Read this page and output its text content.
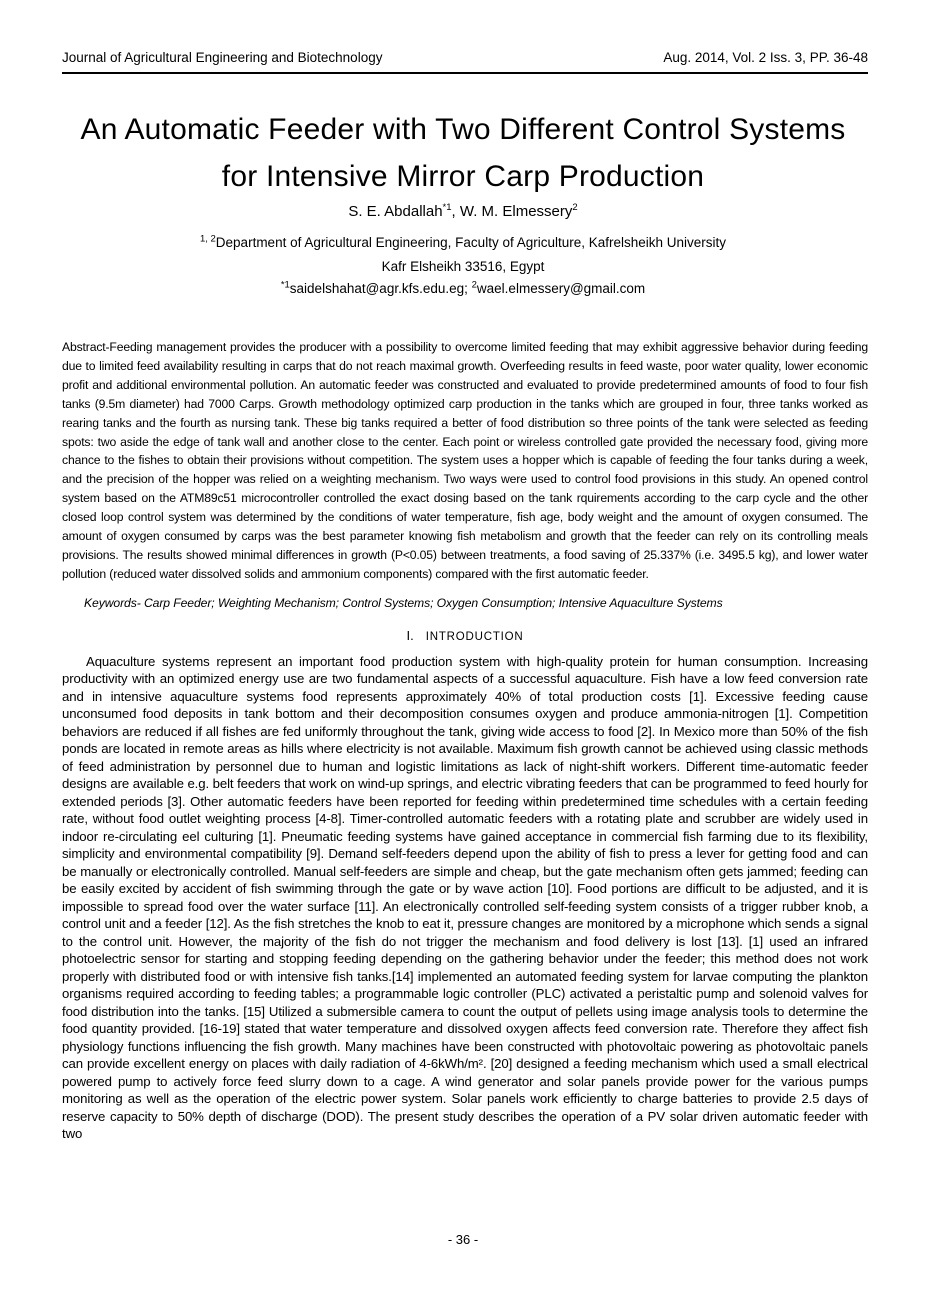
Journal of Agricultural Engineering and Biotechnology	Aug. 2014, Vol. 2 Iss. 3, PP. 36-48
An Automatic Feeder with Two Different Control Systems for Intensive Mirror Carp Production
S. E. Abdallah$^{*1}$, W. M. Elmessery$^2$
$^{1, 2}$Department of Agricultural Engineering, Faculty of Agriculture, Kafrelsheikh University
Kafr Elsheikh 33516, Egypt
$^{*1}$saidelshahat@agr.kfs.edu.eg; $^2$wael.elmessery@gmail.com

Abstract-Feeding management provides the producer with a possibility to overcome limited feeding that may exhibit aggressive behavior during feeding due to limited feed availability resulting in carps that do not reach maximal growth. Overfeeding results in feed waste, poor water quality, lower economic profit and additional environmental pollution. An automatic feeder was constructed and evaluated to provide predetermined amounts of food to four fish tanks (9.5m diameter) had 7000 Carps. Growth methodology optimized carp production in the tanks which are grouped in four, three tanks worked as rearing tanks and the fourth as nursing tank. These big tanks required a better of food distribution so three points of the tank were selected as feeding spots: two aside the edge of tank wall and another close to the center. Each point or wireless controlled gate provided the necessary food, giving more chance to the fishes to obtain their provisions without competition. The system uses a hopper which is capable of feeding the four tanks during a week, and the precision of the hopper was relied on a weighting mechanism. Two ways were used to control food provisions in this study. An opened control system based on the ATM89c51 microcontroller controlled the exact dosing based on the tank rquirements according to the carp cycle and the other closed loop control system was determined by the conditions of water temperature, fish age, body weight and the amount of oxygen consumed. The amount of oxygen consumed by carps was the best parameter knowing fish metabolism and growth that the feeder can rely on its controlling meals provisions. The results showed minimal differences in growth (P<0.05) between treatments, a food saving of 25.337% (i.e. 3495.5 kg), and lower water pollution (reduced water dissolved solids and ammonium components) compared with the first automatic feeder.

Keywords- Carp Feeder; Weighting Mechanism; Control Systems; Oxygen Consumption; Intensive Aquaculture Systems

I. INTRODUCTION

Aquaculture systems represent an important food production system with high-quality protein for human consumption. Increasing productivity with an optimized energy use are two fundamental aspects of a successful aquaculture. Fish have a low feed conversion rate and in intensive aquaculture systems food represents approximately 40% of total production costs [1]. Excessive feeding cause unconsumed food deposits in tank bottom and their decomposition consumes oxygen and produce ammonia-nitrogen [1]. Competition behaviors are reduced if all fishes are fed uniformly throughout the tank, giving wide access to food [2]. In Mexico more than 50% of the fish ponds are located in remote areas as hills where electricity is not available. Maximum fish growth cannot be achieved using classic methods of feed administration by personnel due to human and logistic limitations as lack of night-shift workers. Different time-automatic feeder designs are available e.g. belt feeders that work on wind-up springs, and electric vibrating feeders that can be programmed to feed hourly for extended periods [3]. Other automatic feeders have been reported for feeding within predetermined time schedules with a certain feeding rate, without food outlet weighting process [4-8]. Timer-controlled automatic feeders with a rotating plate and scrubber are widely used in indoor re-circulating eel culturing [1]. Pneumatic feeding systems have gained acceptance in commercial fish farming due to its flexibility, simplicity and environmental compatibility [9]. Demand self-feeders depend upon the ability of fish to press a lever for getting food and can be manually or electronically controlled. Manual self-feeders are simple and cheap, but the gate mechanism often gets jammed; feeding can be easily excited by accident of fish swimming through the gate or by wave action [10]. Food portions are difficult to be adjusted, and it is impossible to spread food over the water surface [11]. An electronically controlled self-feeding system consists of a trigger rubber knob, a control unit and a feeder [12]. As the fish stretches the knob to eat it, pressure changes are monitored by a microphone which sends a signal to the control unit. However, the majority of the fish do not trigger the mechanism and food delivery is lost [13]. [1] used an infrared photoelectric sensor for starting and stopping feeding depending on the gathering behavior under the feeder; this method does not work properly with distributed food or with intensive fish tanks.[14] implemented an automated feeding system for larvae computing the plankton organisms required according to feeding tables; a programmable logic controller (PLC) activated a peristaltic pump and solenoid valves for food distribution into the tanks. [15] Utilized a submersible camera to count the output of pellets using image analysis tools to determine the food quantity provided. [16-19] stated that water temperature and dissolved oxygen affects feed conversion rate. Therefore they affect fish physiology functions influencing the fish growth. Many machines have been constructed with photovoltaic powering as photovoltaic panels can provide excellent energy on places with daily radiation of 4-6kWh/m². [20] designed a feeding mechanism which used a small electrical powered pump to actively force feed slurry down to a cage. A wind generator and solar panels provide power for the various pumps monitoring as well as the operation of the electric power system. Solar panels work efficiently to charge batteries to provide 2.5 days of reserve capacity to 50% depth of discharge (DOD). The present study describes the operation of a PV solar driven automatic feeder with two

- 36 -
